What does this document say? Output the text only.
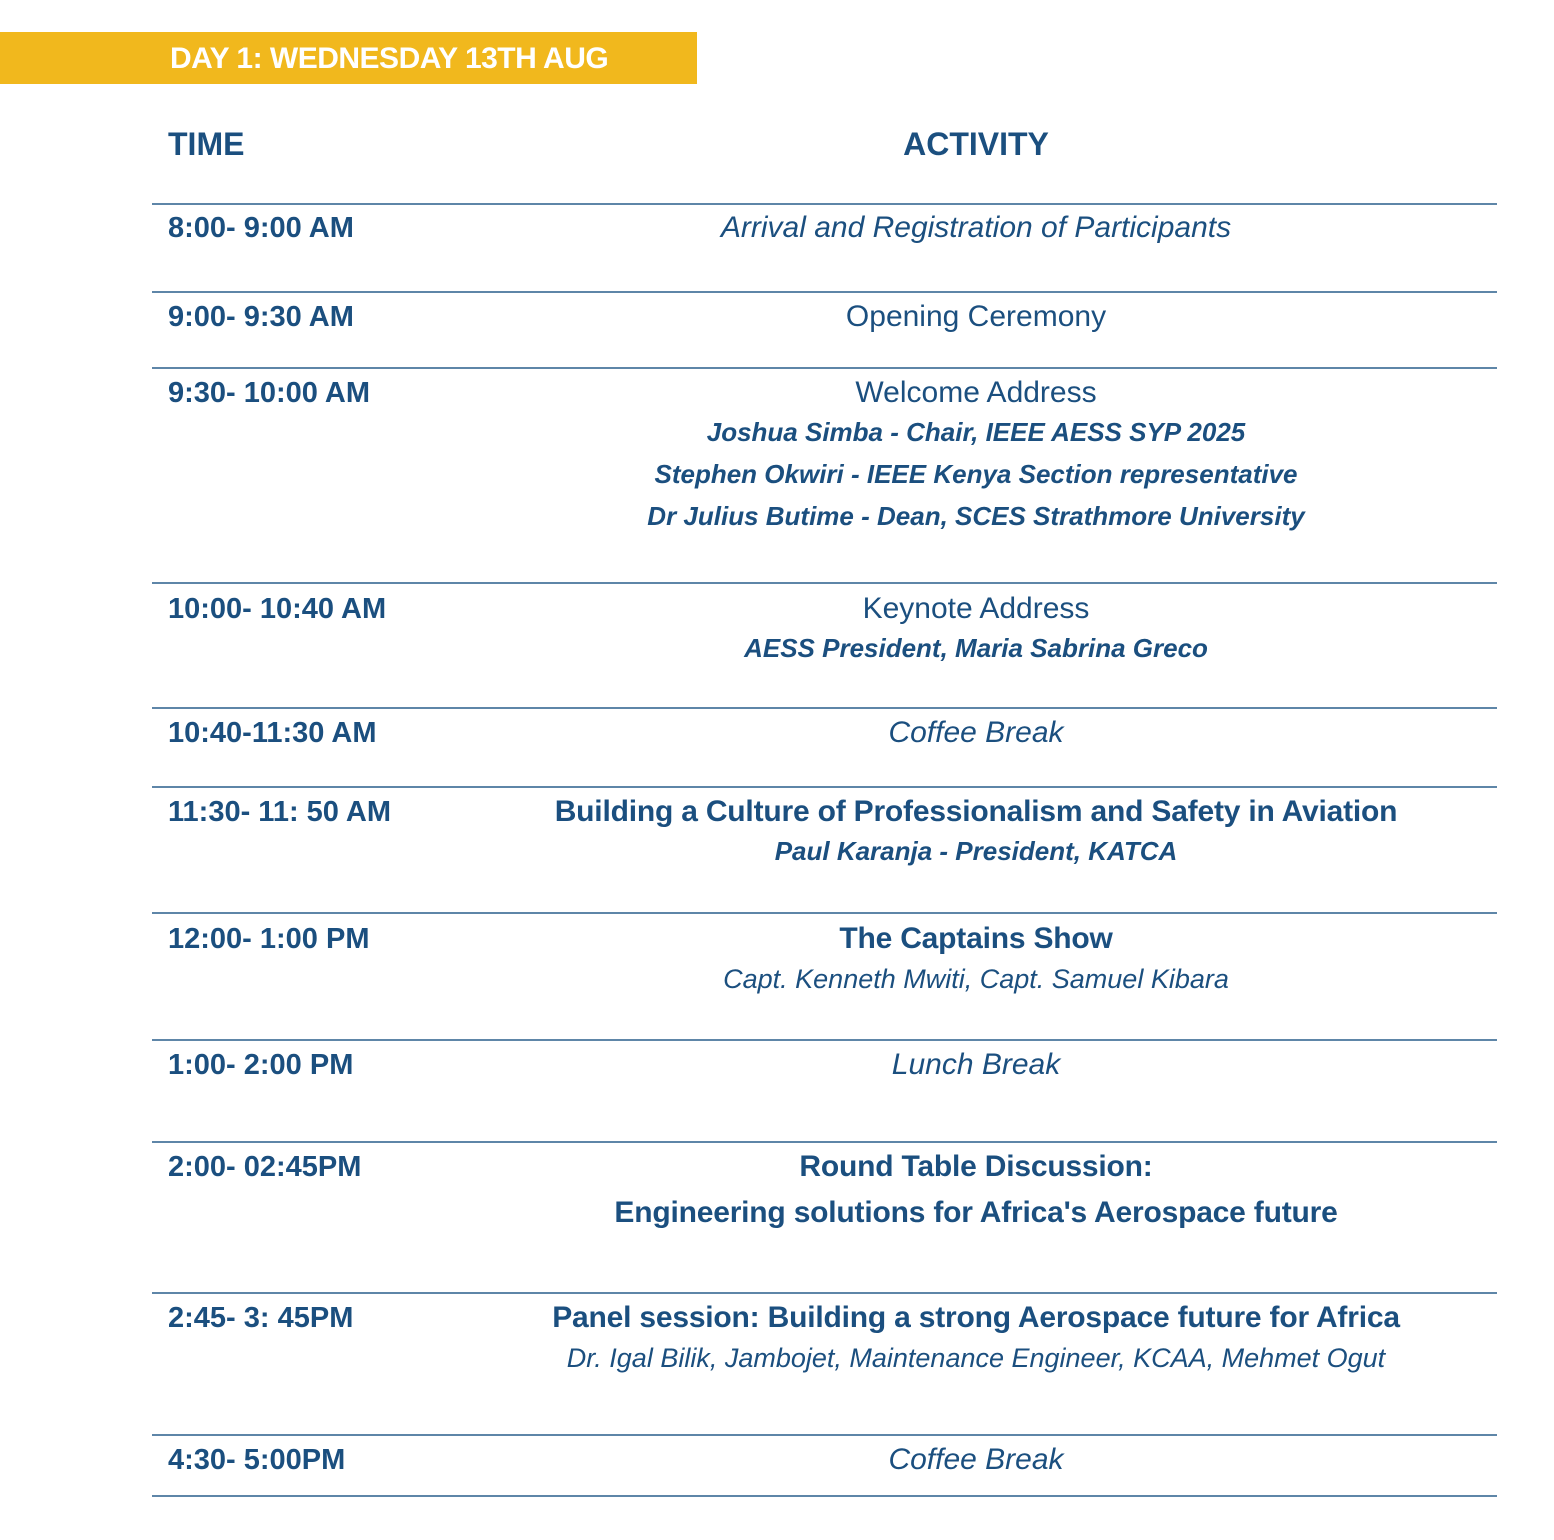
DAY 1: WEDNESDAY 13TH AUG
TIME	ACTIVITY
8:00- 9:00 AM	Arrival and Registration of Participants
9:00- 9:30 AM	Opening Ceremony
9:30- 10:00 AM	Welcome Address
Joshua Simba - Chair, IEEE AESS SYP 2025
Stephen Okwiri - IEEE Kenya Section representative
Dr Julius Butime - Dean, SCES Strathmore University
10:00- 10:40 AM	Keynote Address
AESS President, Maria Sabrina Greco
10:40-11:30 AM	Coffee Break
11:30- 11: 50 AM	Building a Culture of Professionalism and Safety in Aviation
Paul Karanja - President, KATCA
12:00- 1:00 PM	The Captains Show
Capt. Kenneth Mwiti, Capt. Samuel Kibara
1:00- 2:00 PM	Lunch Break
2:00- 02:45PM	Round Table Discussion:
Engineering solutions for Africa's Aerospace future
2:45- 3: 45PM	Panel session: Building a strong Aerospace future for Africa
Dr. Igal Bilik, Jambojet, Maintenance Engineer, KCAA, Mehmet Ogut
4:30- 5:00PM	Coffee Break
